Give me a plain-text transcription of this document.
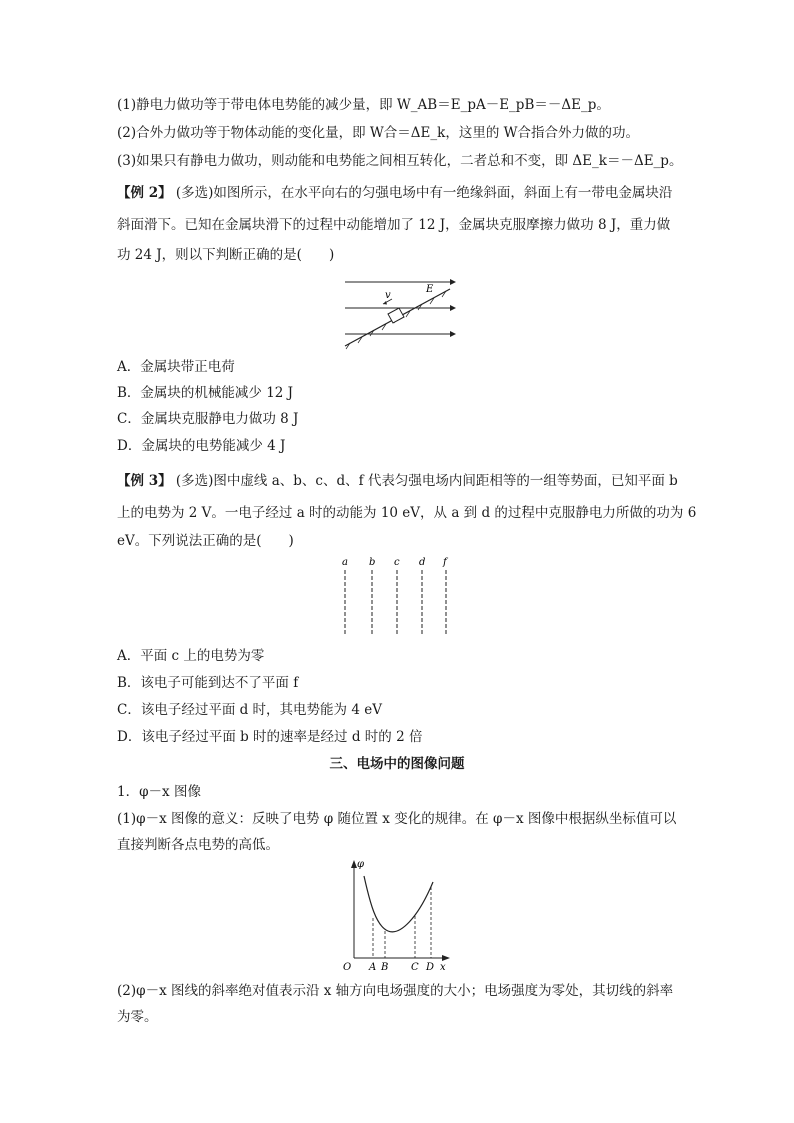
(1)静电力做功等于带电体电势能的减少量，即 W_AB＝E_pA－E_pB＝－ΔE_p。
(2)合外力做功等于物体动能的变化量，即 W合＝ΔE_k，这里的 W合指合外力做的功。
(3)如果只有静电力做功，则动能和电势能之间相互转化，二者总和不变，即 ΔE_k＝－ΔE_p。
【例 2】 (多选)如图所示，在水平向右的匀强电场中有一绝缘斜面，斜面上有一带电金属块沿
斜面滑下。已知在金属块滑下的过程中动能增加了 12 J，金属块克服摩擦力做功 8 J，重力做
功 24 J，则以下判断正确的是(　　)
v
E
A．金属块带正电荷
B．金属块的机械能减少 12 J
C．金属块克服静电力做功 8 J
D．金属块的电势能减少 4 J
【例 3】 (多选)图中虚线 a、b、c、d、f 代表匀强电场内间距相等的一组等势面，已知平面 b
上的电势为 2 V。一电子经过 a 时的动能为 10 eV，从 a 到 d 的过程中克服静电力所做的功为 6
eV。下列说法正确的是(　　)
a b c d f
A．平面 c 上的电势为零
B．该电子可能到达不了平面 f
C．该电子经过平面 d 时，其电势能为 4 eV
D．该电子经过平面 b 时的速率是经过 d 时的 2 倍
三、电场中的图像问题
1．φ－x 图像
(1)φ－x 图像的意义：反映了电势 φ 随位置 x 变化的规律。在 φ－x 图像中根据纵坐标值可以
直接判断各点电势的高低。
φ
x
O A B C D
(2)φ－x 图线的斜率绝对值表示沿 x 轴方向电场强度的大小；电场强度为零处，其切线的斜率
为零。
